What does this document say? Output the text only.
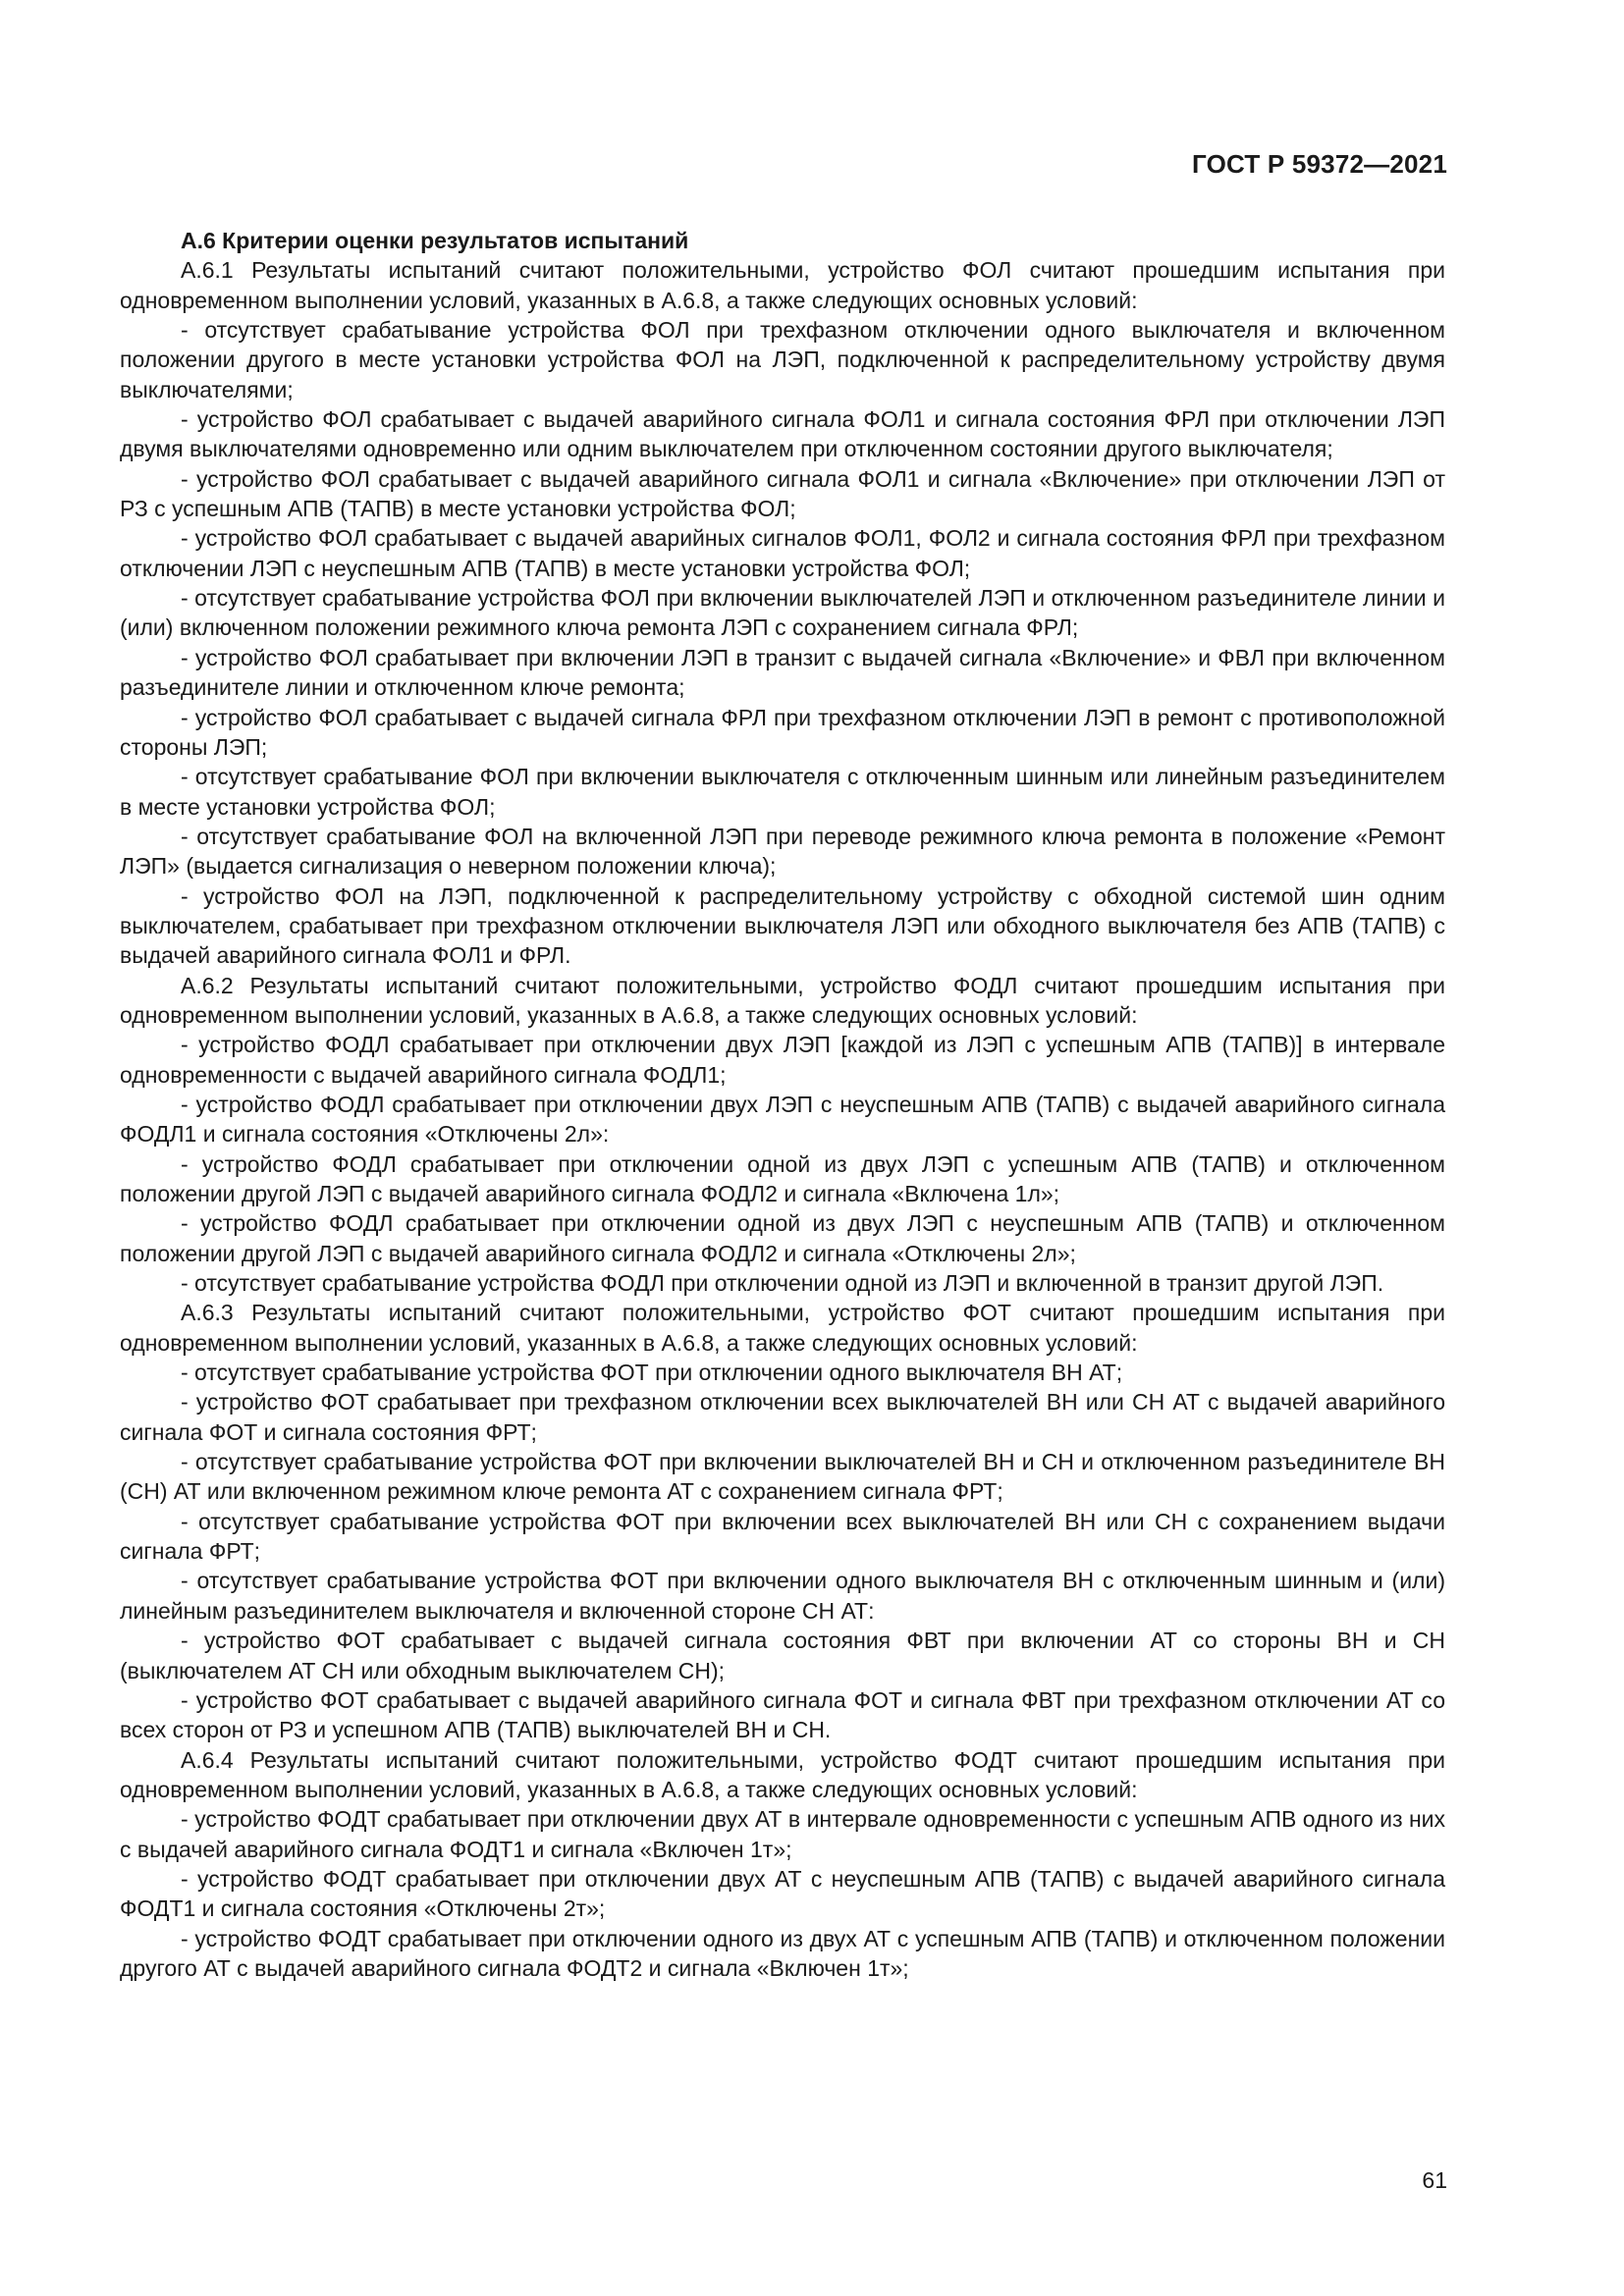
ГОСТ Р 59372—2021

А.6 Критерии оценки результатов испытаний

А.6.1 Результаты испытаний считают положительными, устройство ФОЛ считают прошедшим испытания при одновременном выполнении условий, указанных в А.6.8, а также следующих основных условий:

- отсутствует срабатывание устройства ФОЛ при трехфазном отключении одного выключателя и включенном положении другого в месте установки устройства ФОЛ на ЛЭП, подключенной к распределительному устройству двумя выключателями;

- устройство ФОЛ срабатывает с выдачей аварийного сигнала ФОЛ1 и сигнала состояния ФРЛ при отключении ЛЭП двумя выключателями одновременно или одним выключателем при отключенном состоянии другого выключателя;

- устройство ФОЛ срабатывает с выдачей аварийного сигнала ФОЛ1 и сигнала «Включение» при отключении ЛЭП от РЗ с успешным АПВ (ТАПВ) в месте установки устройства ФОЛ;

- устройство ФОЛ срабатывает с выдачей аварийных сигналов ФОЛ1, ФОЛ2 и сигнала состояния ФРЛ при трехфазном отключении ЛЭП с неуспешным АПВ (ТАПВ) в месте установки устройства ФОЛ;

- отсутствует срабатывание устройства ФОЛ при включении выключателей ЛЭП и отключенном разъединителе линии и (или) включенном положении режимного ключа ремонта ЛЭП с сохранением сигнала ФРЛ;

- устройство ФОЛ срабатывает при включении ЛЭП в транзит с выдачей сигнала «Включение» и ФВЛ при включенном разъединителе линии и отключенном ключе ремонта;

- устройство ФОЛ срабатывает с выдачей сигнала ФРЛ при трехфазном отключении ЛЭП в ремонт с противоположной стороны ЛЭП;

- отсутствует срабатывание ФОЛ при включении выключателя с отключенным шинным или линейным разъединителем в месте установки устройства ФОЛ;

- отсутствует срабатывание ФОЛ на включенной ЛЭП при переводе режимного ключа ремонта в положение «Ремонт ЛЭП» (выдается сигнализация о неверном положении ключа);

- устройство ФОЛ на ЛЭП, подключенной к распределительному устройству с обходной системой шин одним выключателем, срабатывает при трехфазном отключении выключателя ЛЭП или обходного выключателя без АПВ (ТАПВ) с выдачей аварийного сигнала ФОЛ1 и ФРЛ.

А.6.2 Результаты испытаний считают положительными, устройство ФОДЛ считают прошедшим испытания при одновременном выполнении условий, указанных в А.6.8, а также следующих основных условий:

- устройство ФОДЛ срабатывает при отключении двух ЛЭП [каждой из ЛЭП с успешным АПВ (ТАПВ)] в интервале одновременности с выдачей аварийного сигнала ФОДЛ1;

- устройство ФОДЛ срабатывает при отключении двух ЛЭП с неуспешным АПВ (ТАПВ) с выдачей аварийного сигнала ФОДЛ1 и сигнала состояния «Отключены 2л»:

- устройство ФОДЛ срабатывает при отключении одной из двух ЛЭП с успешным АПВ (ТАПВ) и отключенном положении другой ЛЭП с выдачей аварийного сигнала ФОДЛ2 и сигнала «Включена 1л»;

- устройство ФОДЛ срабатывает при отключении одной из двух ЛЭП с неуспешным АПВ (ТАПВ) и отключенном положении другой ЛЭП с выдачей аварийного сигнала ФОДЛ2 и сигнала «Отключены 2л»;

- отсутствует срабатывание устройства ФОДЛ при отключении одной из ЛЭП и включенной в транзит другой ЛЭП.

А.6.3 Результаты испытаний считают положительными, устройство ФОТ считают прошедшим испытания при одновременном выполнении условий, указанных в А.6.8, а также следующих основных условий:

- отсутствует срабатывание устройства ФОТ при отключении одного выключателя ВН АТ;

- устройство ФОТ срабатывает при трехфазном отключении всех выключателей ВН или СН АТ с выдачей аварийного сигнала ФОТ и сигнала состояния ФРТ;

- отсутствует срабатывание устройства ФОТ при включении выключателей ВН и СН и отключенном разъединителе ВН (СН) АТ или включенном режимном ключе ремонта АТ с сохранением сигнала ФРТ;

- отсутствует срабатывание устройства ФОТ при включении всех выключателей ВН или СН с сохранением выдачи сигнала ФРТ;

- отсутствует срабатывание устройства ФОТ при включении одного выключателя ВН с отключенным шинным и (или) линейным разъединителем выключателя и включенной стороне СН АТ:

- устройство ФОТ срабатывает с выдачей сигнала состояния ФВТ при включении АТ со стороны ВН и СН (выключателем АТ СН или обходным выключателем СН);

- устройство ФОТ срабатывает с выдачей аварийного сигнала ФОТ и сигнала ФВТ при трехфазном отключении АТ со всех сторон от РЗ и успешном АПВ (ТАПВ) выключателей ВН и СН.

А.6.4 Результаты испытаний считают положительными, устройство ФОДТ считают прошедшим испытания при одновременном выполнении условий, указанных в А.6.8, а также следующих основных условий:

- устройство ФОДТ срабатывает при отключении двух АТ в интервале одновременности с успешным АПВ одного из них с выдачей аварийного сигнала ФОДТ1 и сигнала «Включен 1т»;

- устройство ФОДТ срабатывает при отключении двух АТ с неуспешным АПВ (ТАПВ) с выдачей аварийного сигнала ФОДТ1 и сигнала состояния «Отключены 2т»;

- устройство ФОДТ срабатывает при отключении одного из двух АТ с успешным АПВ (ТАПВ) и отключенном положении другого АТ с выдачей аварийного сигнала ФОДТ2 и сигнала «Включен 1т»;

61
